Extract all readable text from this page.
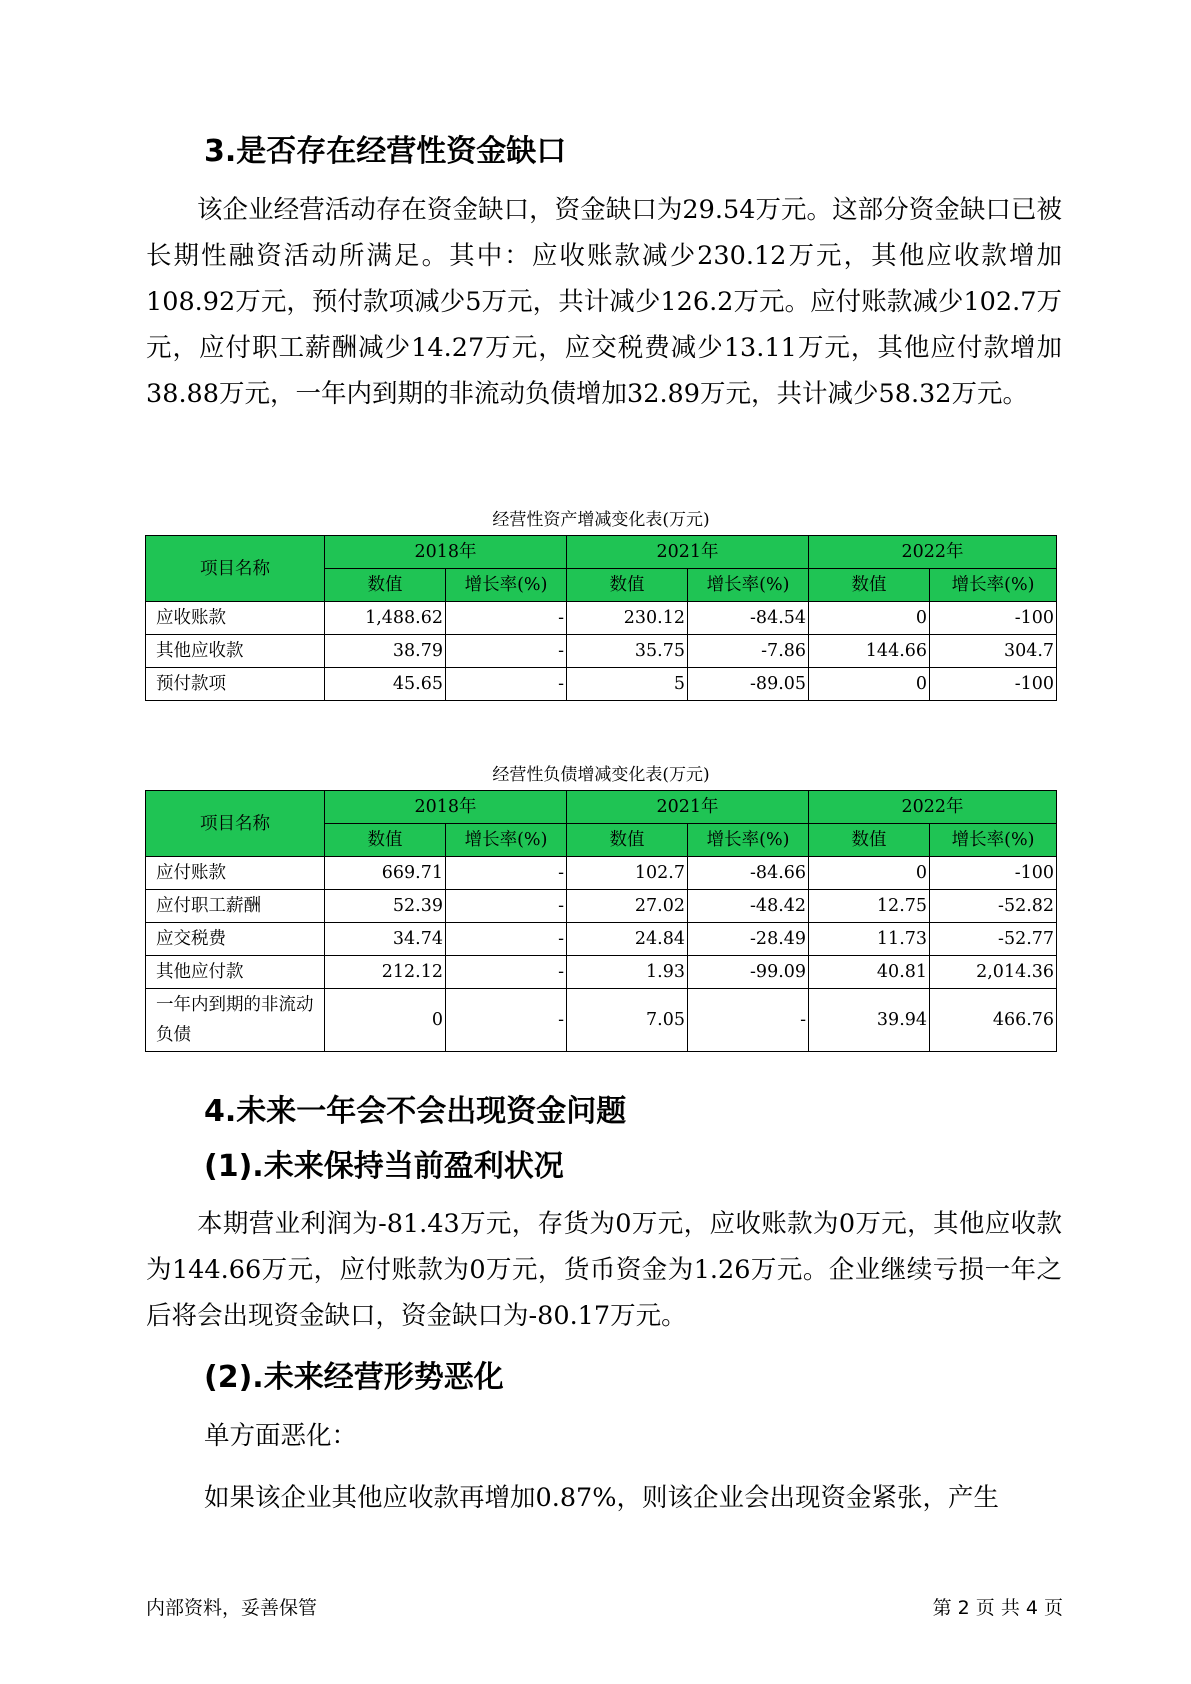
3.是否存在经营性资金缺口

该企业经营活动存在资金缺口，资金缺口为29.54万元。这部分资金缺口已被长期性融资活动所满足。其中：应收账款减少230.12万元，其他应收款增加108.92万元，预付款项减少5万元，共计减少126.2万元。应付账款减少102.7万元，应付职工薪酬减少14.27万元，应交税费减少13.11万元，其他应付款增加38.88万元，一年内到期的非流动负债增加32.89万元，共计减少58.32万元。

经营性资产增减变化表(万元)
项目名称	2018年		2021年		2022年	
	数值	增长率(%)	数值	增长率(%)	数值	增长率(%)
应收账款	1,488.62	-	230.12	-84.54	0	-100
其他应收款	38.79	-	35.75	-7.86	144.66	304.7
预付款项	45.65	-	5	-89.05	0	-100
经营性负债增减变化表(万元)
项目名称	2018年		2021年		2022年	
	数值	增长率(%)	数值	增长率(%)	数值	增长率(%)
应付账款	669.71	-	102.7	-84.66	0	-100
应付职工薪酬	52.39	-	27.02	-48.42	12.75	-52.82
应交税费	34.74	-	24.84	-28.49	11.73	-52.77
其他应付款	212.12	-	1.93	-99.09	40.81	2,014.36
一年内到期的非流动负债	0	-	7.05	-	39.94	466.76
4.未来一年会不会出现资金问题
(1).未来保持当前盈利状况

本期营业利润为-81.43万元，存货为0万元，应收账款为0万元，其他应收款为144.66万元，应付账款为0万元，货币资金为1.26万元。企业继续亏损一年之后将会出现资金缺口，资金缺口为-80.17万元。

(2).未来经营形势恶化

单方面恶化：

如果该企业其他应收款再增加0.87%，则该企业会出现资金紧张，产生

内部资料，妥善保管	第 2 页 共 4 页
